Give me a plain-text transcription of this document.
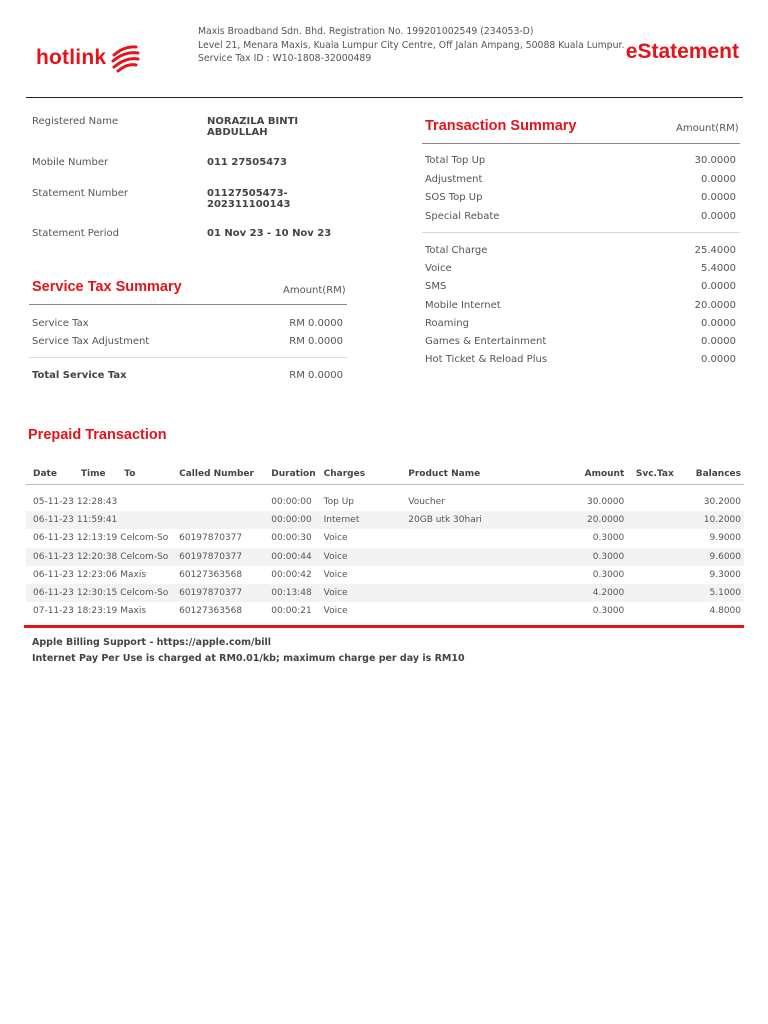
hotlink
Maxis Broadband Sdn. Bhd. Registration No. 199201002549 (234053-D)
Level 21, Menara Maxis, Kuala Lumpur City Centre, Off Jalan Ampang, 50088 Kuala Lumpur.
Service Tax ID : W10-1808-32000489	eStatement
Registered Name	NORAZILA BINTI
ABDULLAH
Mobile Number	011 27505473
Statement Number	01127505473-
202311100143
Statement Period	01 Nov 23 - 10 Nov 23
Service Tax Summary	Amount(RM)
Service Tax	RM 0.0000
Service Tax Adjustment	RM 0.0000
Total Service Tax	RM 0.0000
Transaction Summary	Amount(RM)
Total Top Up	30.0000
Adjustment	0.0000
SOS Top Up	0.0000
Special Rebate	0.0000
Total Charge	25.4000
Voice	5.4000
SMS	0.0000
Mobile Internet	20.0000
Roaming	0.0000
Games & Entertainment	0.0000
Hot Ticket & Reload Plus	0.0000
Prepaid Transaction
Date	Time	To	Called Number	Duration	Charges	Product Name	Amount	Svc.Tax	Balances

05-11-23	12:28:43			00:00:00	Top Up	Voucher	30.0000		30.2000
06-11-23	11:59:41			00:00:00	Internet	20GB utk 30hari	20.0000		10.2000
06-11-23	12:13:19	Celcom-So	60197870377	00:00:30	Voice		0.3000		9.9000
06-11-23	12:20:38	Celcom-So	60197870377	00:00:44	Voice		0.3000		9.6000
06-11-23	12:23:06	Maxis	60127363568	00:00:42	Voice		0.3000		9.3000
06-11-23	12:30:15	Celcom-So	60197870377	00:13:48	Voice		4.2000		5.1000
07-11-23	18:23:19	Maxis	60127363568	00:00:21	Voice		0.3000		4.8000
Apple Billing Support - https://apple.com/bill
Internet Pay Per Use is charged at RM0.01/kb; maximum charge per day is RM10
